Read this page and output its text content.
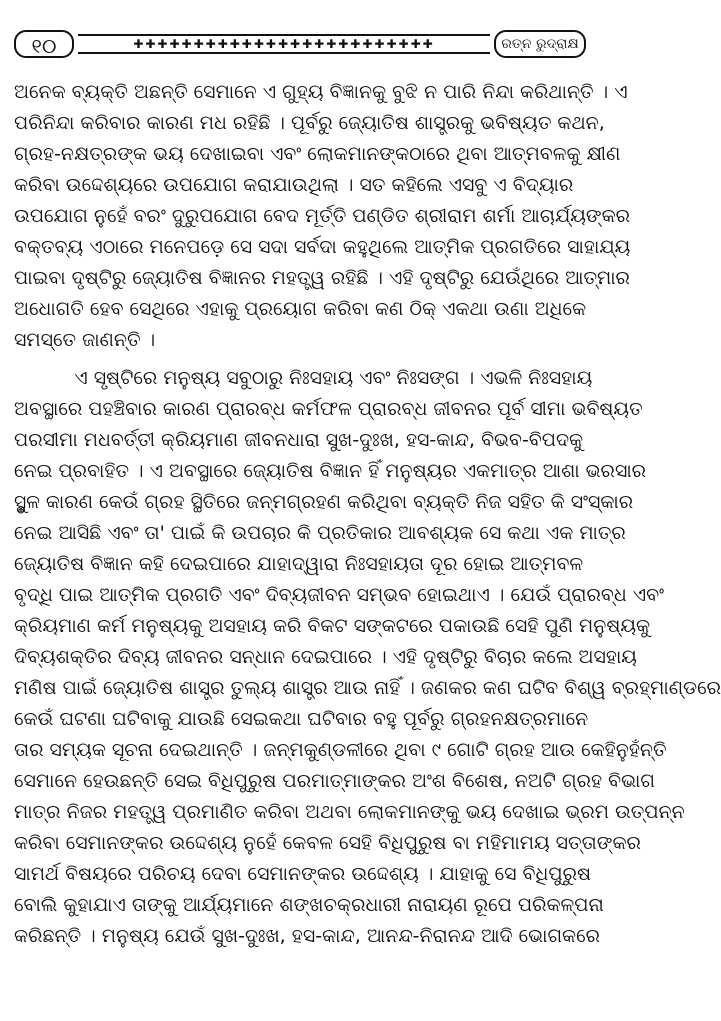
୧୦	✚✚✚✚✚✚✚✚✚✚✚✚✚✚✚✚✚✚✚✚✚✚✚✚✚	ରତ୍ନ ରୁଦ୍ରାକ୍ଷ
ଅନେକ ବ୍ୟକ୍ତି ଅଛନ୍ତି ସେମାନେ ଏ ଗୁହ୍ୟ ବିଜ୍ଞାନକୁ ବୁଝି ନ ପାରି ନିନ୍ଦା କରିଥାନ୍ତି । ଏ
ପରିନିନ୍ଦା କରିବାର କାରଣ ମଧ ରହିଛି । ପୂର୍ବରୁ ଜ୍ୟୋତିଷ ଶାସ୍ତ୍ରକୁ ଭବିଷ୍ୟତ କଥନ,
ଗ୍ରହ-ନକ୍ଷତ୍ରଙ୍କ ଭୟ ଦେଖାଇବା ଏବଂ ଲୋକମାନଙ୍କଠାରେ ଥିବା ଆତ୍ମବଳକୁ କ୍ଷୀଣ
କରିବା ଉଦ୍ଦେଶ୍ୟରେ ଉପଯୋଗ କରାଯାଉଥିଲା । ସତ କହିଲେ ଏସବୁ ଏ ବିଦ୍ୟାର
ଉପଯୋଗ ନୁହେଁ ବରଂ ଦୁରୁପଯୋଗ ବେଦ ମୂର୍ତ୍ତି ପଣ୍ଡିତ ଶ୍ରୀରାମ ଶର୍ମା ଆଚାର୍ଯ୍ୟଙ୍କର
ବକ୍ତବ୍ୟ ଏଠାରେ ମନେପଡ଼େ ସେ ସଦା ସର୍ବଦା କହୁଥିଲେ ଆତ୍ମିକ ପ୍ରଗତିରେ ସାହାଯ୍ୟ
ପାଇବା ଦୃଷ୍ଟିରୁ ଜ୍ୟୋତିଷ ବିଜ୍ଞାନର ମହତ୍ତ୍ୱ ରହିଛି । ଏହି ଦୃଷ୍ଟିରୁ ଯେଉଁଥିରେ ଆତ୍ମାର
ଅଧୋଗତି ହେବ ସେଥିରେ ଏହାକୁ ପ୍ରୟୋଗ କରିବା କଣ ଠିକ୍ ଏକଥା ଉଣା ଅଧିକେ
ସମସ୍ତେ ଜାଣନ୍ତି ।
ଏ ସୃଷ୍ଟିରେ ମନୁଷ୍ୟ ସବୁଠାରୁ ନିଃସହାୟ ଏବଂ ନିଃସଙ୍ଗ । ଏଭଳି ନିଃସହାୟ
ଅବସ୍ଥାରେ ପହଞ୍ଚିବାର କାରଣ ପ୍ରାରବ୍ଧ କର୍ମଫଳ ପ୍ରାରବ୍ଧ ଜୀବନର ପୂର୍ବ ସୀମା ଭବିଷ୍ୟତ
ପରସୀମା ମଧବର୍ତ୍ତୀ କ୍ରିୟମାଣ ଜୀବନଧାରା ସୁଖ-ଦୁଃଖ, ହସ-କାନ୍ଦ, ବିଭବ-ବିପଦକୁ
ନେଇ ପ୍ରବାହିତ । ଏ ଅବସ୍ଥାରେ ଜ୍ୟୋତିଷ ବିଜ୍ଞାନ ହିଁ ମନୁଷ୍ୟର ଏକମାତ୍ର ଆଶା ଭରସାର
ସ୍ଥୁଳ କାରଣ କେଉଁ ଗ୍ରହ ସ୍ଥିତିରେ ଜନ୍ମଗ୍ରହଣ କରିଥିବା ବ୍ୟକ୍ତି ନିଜ ସହିତ କି ସଂସ୍କାର
ନେଇ ଆସିଛି ଏବଂ ତା' ପାଇଁ କି ଉପଚାର କି ପ୍ରତିକାର ଆବଶ୍ୟକ ସେ କଥା ଏକ ମାତ୍ର
ଜ୍ୟୋତିଷ ବିଜ୍ଞାନ କହି ଦେଇପାରେ ଯାହାଦ୍ୱାରା ନିଃସହାୟତା ଦୂର ହୋଇ ଆତ୍ମବଳ
ବୃଦ୍ଧି ପାଇ ଆତ୍ମିକ ପ୍ରଗତି ଏବଂ ଦିବ୍ୟଜୀବନ ସମ୍ଭବ ହୋଇଥାଏ । ଯେଉଁ ପ୍ରାରବ୍ଧ ଏବଂ
କ୍ରିୟମାଣ କର୍ମ ମନୁଷ୍ୟକୁ ଅସହାୟ କରି ବିକଟ ସଙ୍କଟରେ ପକାଉଛି ସେହି ପୁଣି ମନୁଷ୍ୟକୁ
ଦିବ୍ୟଶକ୍ତିର ଦିବ୍ୟ ଜୀବନର ସନ୍ଧାନ ଦେଇପାରେ । ଏହି ଦୃଷ୍ଟିରୁ ବିଚାର କଲେ ଅସହାୟ
ମଣିଷ ପାଇଁ ଜ୍ୟୋତିଷ ଶାସ୍ତ୍ର ତୁଲ୍ୟ ଶାସ୍ତ୍ର ଆଉ ନାହିଁ । ଜଣକର କଣ ଘଟିବ ବିଶ୍ୱ ବ୍ରହ୍ମାଣ୍ଡରେ
କେଉଁ ଘଟଣା ଘଟିବାକୁ ଯାଉଛି ସେଇକଥା ଘଟିବାର ବହୁ ପୂର୍ବରୁ ଗ୍ରହନକ୍ଷତ୍ରମାନେ
ତାର ସମ୍ୟକ ସୂଚନା ଦେଇଥାନ୍ତି । ଜନ୍ମକୁଣ୍ଡଳୀରେ ଥିବା ୯ ଗୋଟି ଗ୍ରହ ଆଉ କେହିନୁହଁନ୍ତି
ସେମାନେ ହେଉଛନ୍ତି ସେଇ ବିଧିପୁରୁଷ ପରମାତ୍ମାଙ୍କର ଅଂଶ ବିଶେଷ, ନଅଟି ଗ୍ରହ ବିଭାଗ
ମାତ୍ର ନିଜର ମହତ୍ତ୍ୱ ପ୍ରମାଣିତ କରିବା ଅଥବା ଲୋକମାନଙ୍କୁ ଭୟ ଦେଖାଇ ଭ୍ରମ ଉତ୍ପନ୍ନ
କରିବା ସେମାନଙ୍କର ଉଦ୍ଦେଶ୍ୟ ନୁହେଁ କେବଳ ସେହି ବିଧିପୁରୁଷ ବା ମହିମାମୟ ସତ୍ତାଙ୍କର
ସାମର୍ଥ ବିଷୟରେ ପରିଚୟ ଦେବା ସେମାନଙ୍କର ଉଦ୍ଦେଶ୍ୟ । ଯାହାକୁ ସେ ବିଧିପୁରୁଷ
ବୋଲି କୁହାଯାଏ ତାଙ୍କୁ ଆର୍ଯ୍ୟମାନେ ଶଙ୍ଖଚକ୍ରଧାରୀ ନାରାୟଣ ରୂପେ ପରିକଳ୍ପନା
କରିଛନ୍ତି । ମନୁଷ୍ୟ ଯେଉଁ ସୁଖ-ଦୁଃଖ, ହସ-କାନ୍ଦ, ଆନନ୍ଦ-ନିରାନନ୍ଦ ଆଦି ଭୋଗକରେ
